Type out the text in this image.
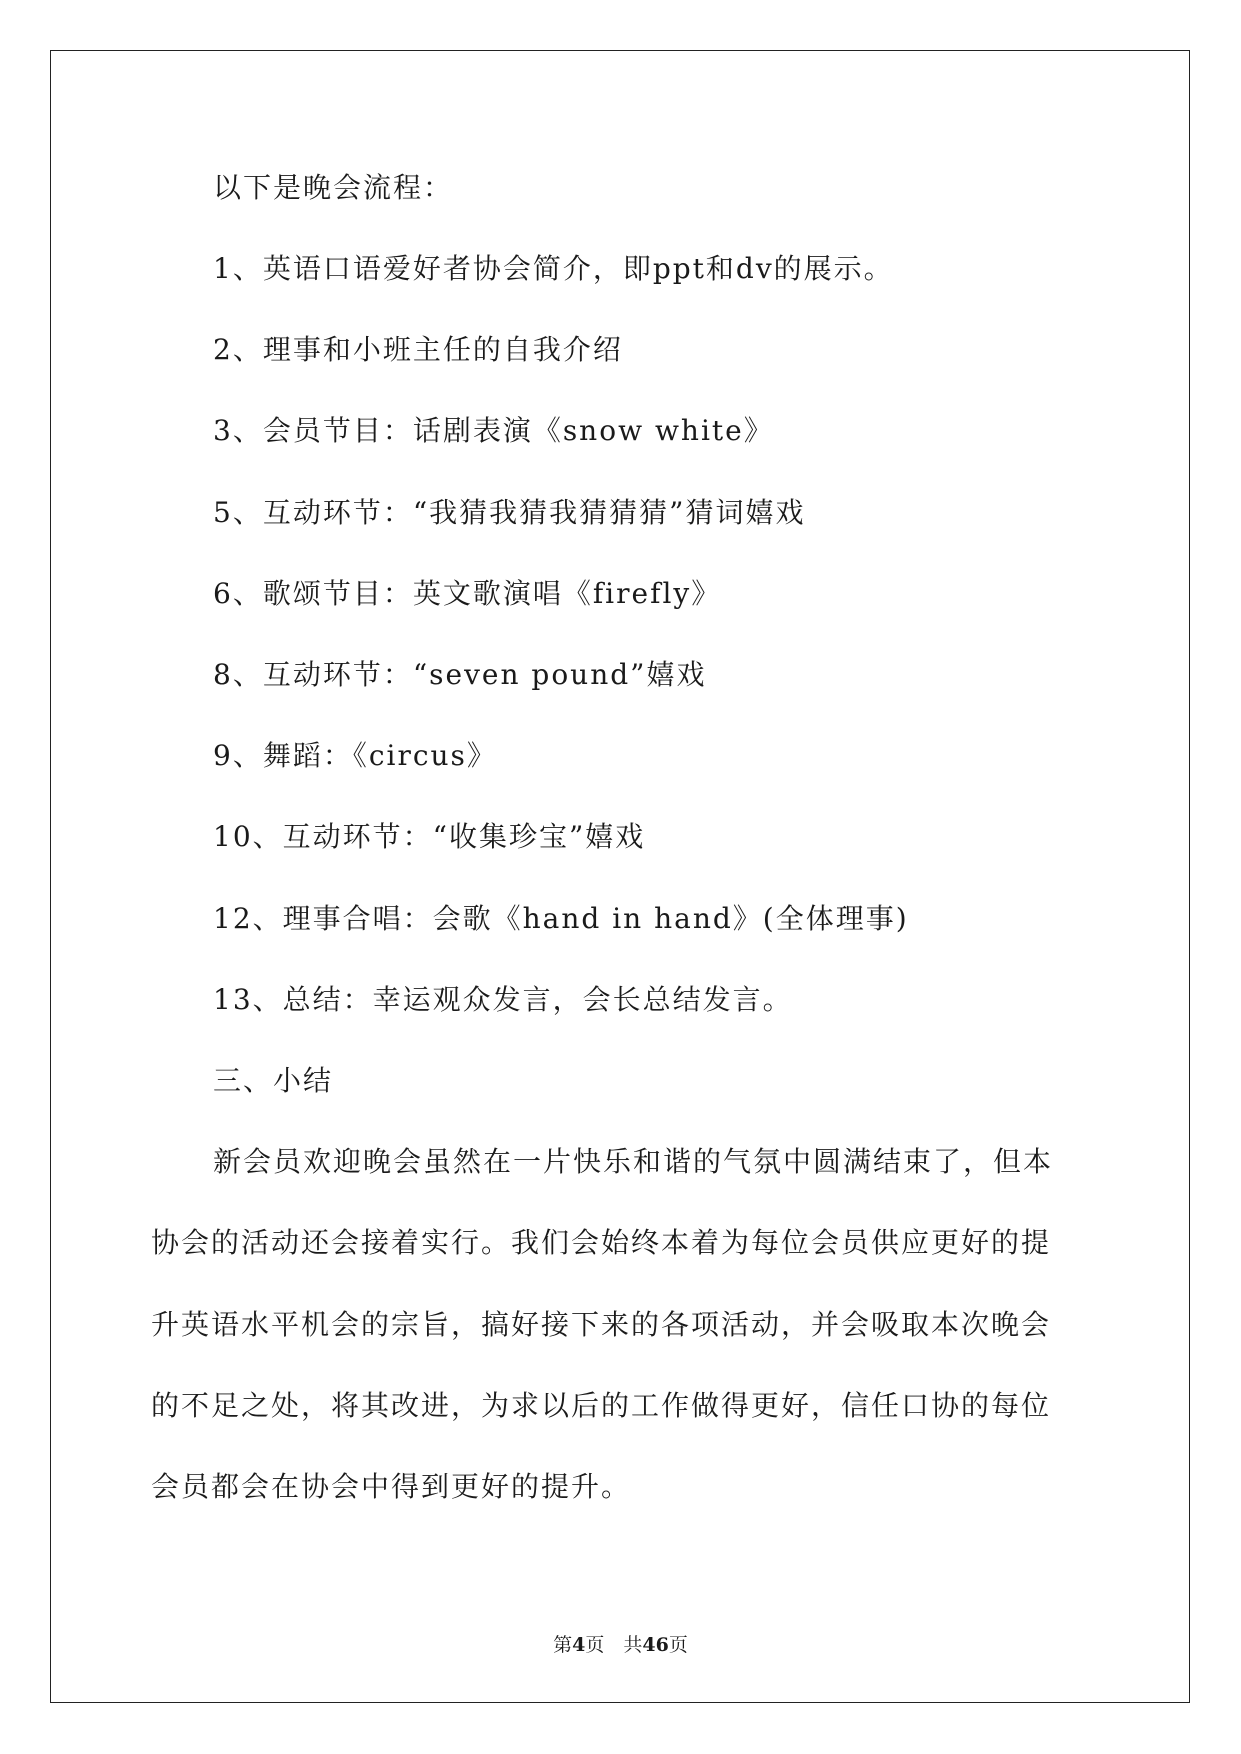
以下是晚会流程：
1、英语口语爱好者协会简介，即ppt和dv的展示。
2、理事和小班主任的自我介绍
3、会员节目：话剧表演《snow white》
5、互动环节：“我猜我猜我猜猜猜”猜词嬉戏
6、歌颂节目：英文歌演唱《firefly》
8、互动环节：“seven pound”嬉戏
9、舞蹈：《circus》
10、互动环节：“收集珍宝”嬉戏
12、理事合唱：会歌《hand in hand》(全体理事)
13、总结：幸运观众发言，会长总结发言。
三、小结
新会员欢迎晚会虽然在一片快乐和谐的气氛中圆满结束了，但本
协会的活动还会接着实行。我们会始终本着为每位会员供应更好的提
升英语水平机会的宗旨，搞好接下来的各项活动，并会吸取本次晚会
的不足之处，将其改进，为求以后的工作做得更好，信任口协的每位
会员都会在协会中得到更好的提升。
第4页　共46页
